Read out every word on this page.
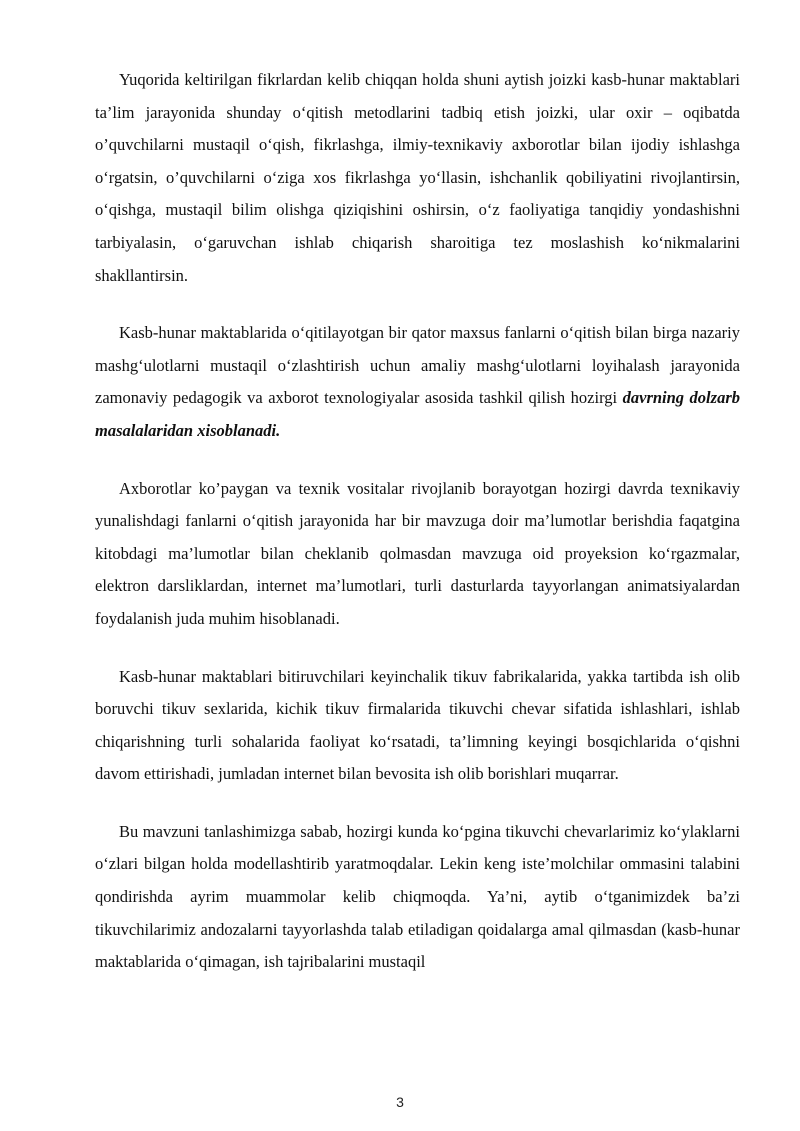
Yuqorida keltirilgan fikrlardan kelib chiqqan holda shuni aytish joizki kasb-hunar maktablari ta’lim jarayonida shunday o‘qitish metodlarini tadbiq etish joizki, ular oxir – oqibatda o’quvchilarni mustaqil o‘qish, fikrlashga, ilmiy-texnikaviy axborotlar bilan ijodiy ishlashga o‘rgatsin, o’quvchilarni o‘ziga xos fikrlashga yo‘llasin, ishchanlik qobiliyatini rivojlantirsin, o‘qishga, mustaqil bilim olishga qiziqishini oshirsin, o‘z faoliyatiga tanqidiy yondashishni tarbiyalasin, o‘garuvchan ishlab chiqarish sharoitiga tez moslashish ko‘nikmalarini shakllantirsin.

Kasb-hunar maktablarida o‘qitilayotgan bir qator maxsus fanlarni o‘qitish bilan birga nazariy mashg‘ulotlarni mustaqil o‘zlashtirish uchun amaliy mashg‘ulotlarni loyihalash jarayonida zamonaviy pedagogik va axborot texnologiyalar asosida tashkil qilish hozirgi davrning dolzarb masalalaridan xisoblanadi.

Axborotlar ko’paygan va texnik vositalar rivojlanib borayotgan hozirgi davrda texnikaviy yunalishdagi fanlarni o‘qitish jarayonida har bir mavzuga doir ma’lumotlar berishdia faqatgina kitobdagi ma’lumotlar bilan cheklanib qolmasdan mavzuga oid proyeksion ko‘rgazmalar, elektron darsliklardan, internet ma’lumotlari, turli dasturlarda tayyorlangan animatsiyalardan foydalanish juda muhim hisoblanadi.

Kasb-hunar maktablari bitiruvchilari keyinchalik tikuv fabrikalarida, yakka tartibda ish olib boruvchi tikuv sexlarida, kichik tikuv firmalarida tikuvchi chevar sifatida ishlashlari, ishlab chiqarishning turli sohalarida faoliyat ko‘rsatadi, ta’limning keyingi bosqichlarida o‘qishni davom ettirishadi, jumladan internet bilan bevosita ish olib borishlari muqarrar.

Bu mavzuni tanlashimizga sabab, hozirgi kunda ko‘pgina tikuvchi chevarlarimiz ko‘ylaklarni o‘zlari bilgan holda modellashtirib yaratmoqdalar. Lekin keng iste’molchilar ommasini talabini qondirishda ayrim muammolar kelib chiqmoqda. Ya’ni, aytib o‘tganimizdek ba’zi tikuvchilarimiz andozalarni tayyorlashda talab etiladigan qoidalarga amal qilmasdan (kasb-hunar maktablarida o‘qimagan, ish tajribalarini mustaqil

3
